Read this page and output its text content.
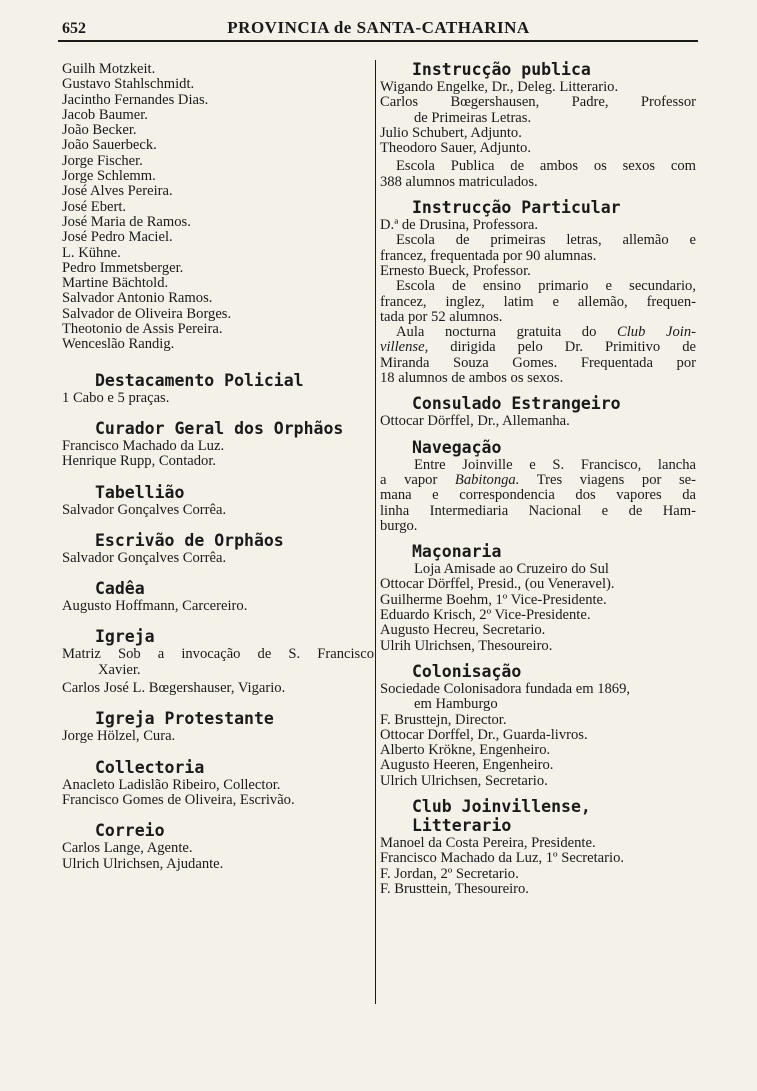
652	PROVINCIA de SANTA-CATHARINA
Guilh Motzkeit.
Gustavo Stahlschmidt.
Jacintho Fernandes Dias.
Jacob Baumer.
João Becker.
João Sauerbeck.
Jorge Fischer.
Jorge Schlemm.
José Alves Pereira.
José Ebert.
José Maria de Ramos.
José Pedro Maciel.
L. Kühne.
Pedro Immetsberger.
Martine Bächtold.
Salvador Antonio Ramos.
Salvador de Oliveira Borges.
Theotonio de Assis Pereira.
Wenceslão Randig.
Destacamento Policial
1 Cabo e 5 praças.
Curador Geral dos Orphãos
Francisco Machado da Luz.
Henrique Rupp, Contador.
Tabellião
Salvador Gonçalves Corrêa.
Escrivão de Orphãos
Salvador Gonçalves Corrêa.
Cadêa
Augusto Hoffmann, Carcereiro.
Igreja
Matriz Sob a invocação de S. Francisco
Xavier.
Carlos José L. Bœgershauser, Vigario.
Igreja Protestante
Jorge Hölzel, Cura.
Collectoria
Anacleto Ladislão Ribeiro, Collector.
Francisco Gomes de Oliveira, Escrivão.
Correio
Carlos Lange, Agente.
Ulrich Ulrichsen, Ajudante.
Instrucção publica
Wigando Engelke, Dr., Deleg. Litterario.
Carlos Bœgershausen, Padre, Professor
de Primeiras Letras.
Julio Schubert, Adjunto.
Theodoro Sauer, Adjunto.
Escola Publica de ambos os sexos com
388 alumnos matriculados.
Instrucção Particular
D.ª de Drusina, Professora.
Escola de primeiras letras, allemão e
francez, frequentada por 90 alumnas.
Ernesto Bueck, Professor.
Escola de ensino primario e secundario,
francez, inglez, latim e allemão, frequen-
tada por 52 alumnos.
Aula nocturna gratuita do Club Join-
villense, dirigida pelo Dr. Primitivo de
Miranda Souza Gomes. Frequentada por
18 alumnos de ambos os sexos.
Consulado Estrangeiro
Ottocar Dörffel, Dr., Allemanha.
Navegação
Entre Joinville e S. Francisco, lancha
a vapor Babitonga. Tres viagens por se-
mana e correspondencia dos vapores da
linha Intermediaria Nacional e de Ham-
burgo.
Maçonaria
Loja Amisade ao Cruzeiro do Sul
Ottocar Dörffel, Presid., (ou Veneravel).
Guilherme Boehm, 1º Vice-Presidente.
Eduardo Krisch, 2º Vice-Presidente.
Augusto Hecreu, Secretario.
Ulrih Ulrichsen, Thesoureiro.
Colonisação
Sociedade Colonisadora fundada em 1869,
em Hamburgo
F. Brusttejn, Director.
Ottocar Dorffel, Dr., Guarda-livros.
Alberto Krökne, Engenheiro.
Augusto Heeren, Engenheiro.
Ulrich Ulrichsen, Secretario.
Club Joinvillense, Litterario
Manoel da Costa Pereira, Presidente.
Francisco Machado da Luz, 1º Secretario.
F. Jordan, 2º Secretario.
F. Brusttein, Thesoureiro.
